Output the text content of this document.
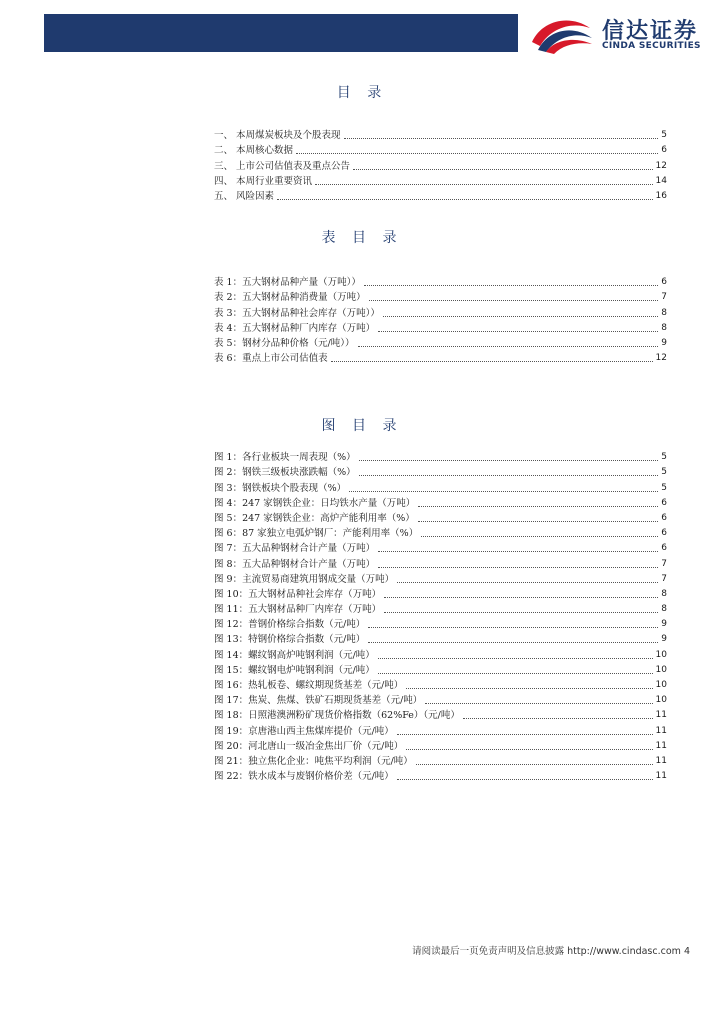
信达证券
CINDA SECURITIES
目 录
一、 本周煤炭板块及个股表现	5
二、 本周核心数据	6
三、 上市公司估值表及重点公告	12
四、 本周行业重要资讯	14
五、 风险因素	16
表 目 录
表 1：五大钢材品种产量（万吨））	6
表 2：五大钢材品种消费量（万吨）	7
表 3：五大钢材品种社会库存（万吨））	8
表 4：五大钢材品种厂内库存（万吨）	8
表 5：钢材分品种价格（元/吨））	9
表 6：重点上市公司估值表	12
图 目 录
图 1：各行业板块一周表现（%）	5
图 2：钢铁三级板块涨跌幅（%）	5
图 3：钢铁板块个股表现（%）	5
图 4：247 家钢铁企业：日均铁水产量（万吨）	6
图 5：247 家钢铁企业：高炉产能利用率（%）	6
图 6：87 家独立电弧炉钢厂：产能利用率（%）	6
图 7：五大品种钢材合计产量（万吨）	6
图 8：五大品种钢材合计产量（万吨）	7
图 9：主流贸易商建筑用钢成交量（万吨）	7
图 10：五大钢材品种社会库存（万吨）	8
图 11：五大钢材品种厂内库存（万吨）	8
图 12：普钢价格综合指数（元/吨）	9
图 13：特钢价格综合指数（元/吨）	9
图 14：螺纹钢高炉吨钢利润（元/吨）	10
图 15：螺纹钢电炉吨钢利润（元/吨）	10
图 16：热轧板卷、螺纹期现货基差（元/吨）	10
图 17：焦炭、焦煤、铁矿石期现货基差（元/吨）	10
图 18：日照港澳洲粉矿现货价格指数（62%Fe）（元/吨）	11
图 19：京唐港山西主焦煤库提价（元/吨）	11
图 20：河北唐山一级冶金焦出厂价（元/吨）	11
图 21：独立焦化企业：吨焦平均利润（元/吨）	11
图 22：铁水成本与废钢价格价差（元/吨）	11
请阅读最后一页免责声明及信息披露 http://www.cindasc.com 4
